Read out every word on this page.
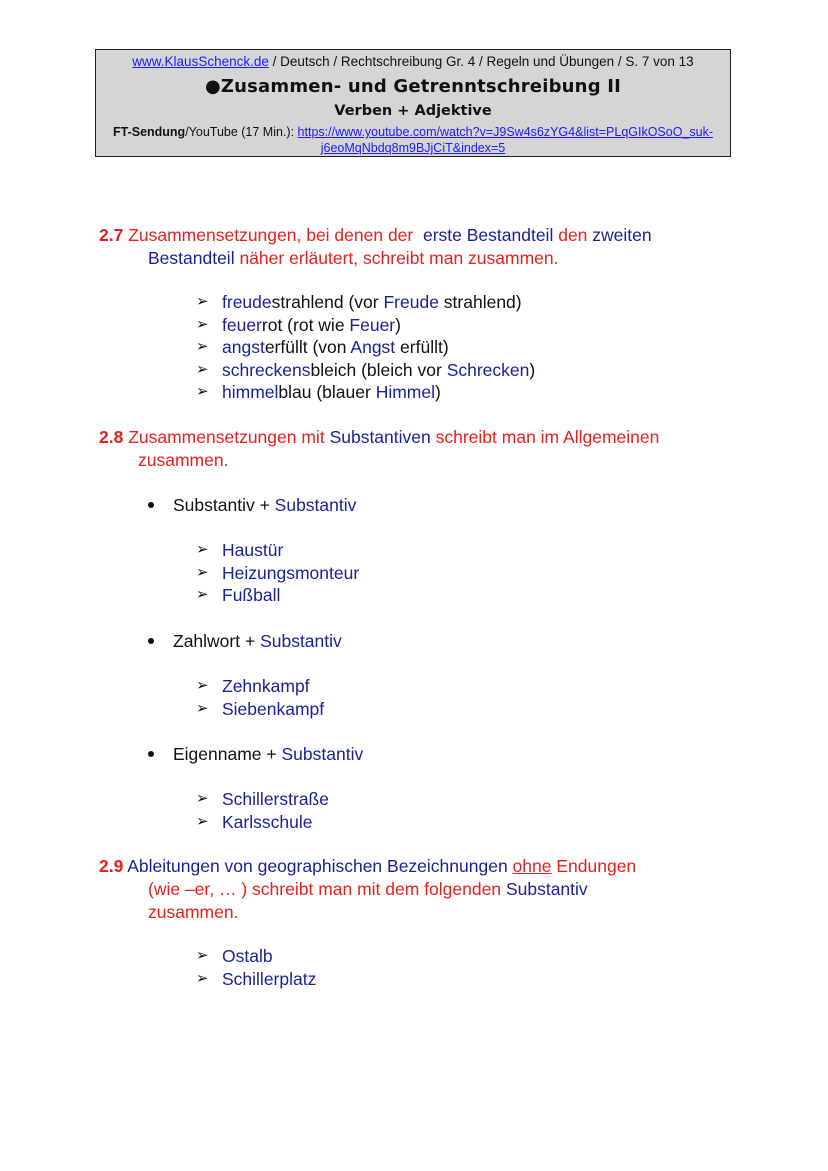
www.KlausSchenck.de / Deutsch / Rechtschreibung Gr. 4 / Regeln und Übungen / S. 7 von 13
●Zusammen- und Getrenntschreibung II
Verben + Adjektive
FT-Sendung/YouTube (17 Min.): https://www.youtube.com/watch?v=J9Sw4s6zYG4&list=PLqGIkOSoO_suk-
j6eoMqNbdq8m9BJjCiT&index=5
2.7 Zusammensetzungen, bei denen der erste Bestandteil den zweiten
Bestandteil näher erläutert, schreibt man zusammen.
➢ freudestrahlend (vor Freude strahlend)
➢ feuerrot (rot wie Feuer)
➢ angsterfüllt (von Angst erfüllt)
➢ schreckensbleich (bleich vor Schrecken)
➢ himmelblau (blauer Himmel)
2.8 Zusammensetzungen mit Substantiven schreibt man im Allgemeinen
zusammen.
Substantiv + Substantiv
➢ Haustür
➢ Heizungsmonteur
➢ Fußball
Zahlwort + Substantiv
➢ Zehnkampf
➢ Siebenkampf
Eigenname + Substantiv
➢ Schillerstraße
➢ Karlsschule
2.9 Ableitungen von geographischen Bezeichnungen ohne Endungen
(wie –er, … ) schreibt man mit dem folgenden Substantiv
zusammen.
➢ Ostalb
➢ Schillerplatz
